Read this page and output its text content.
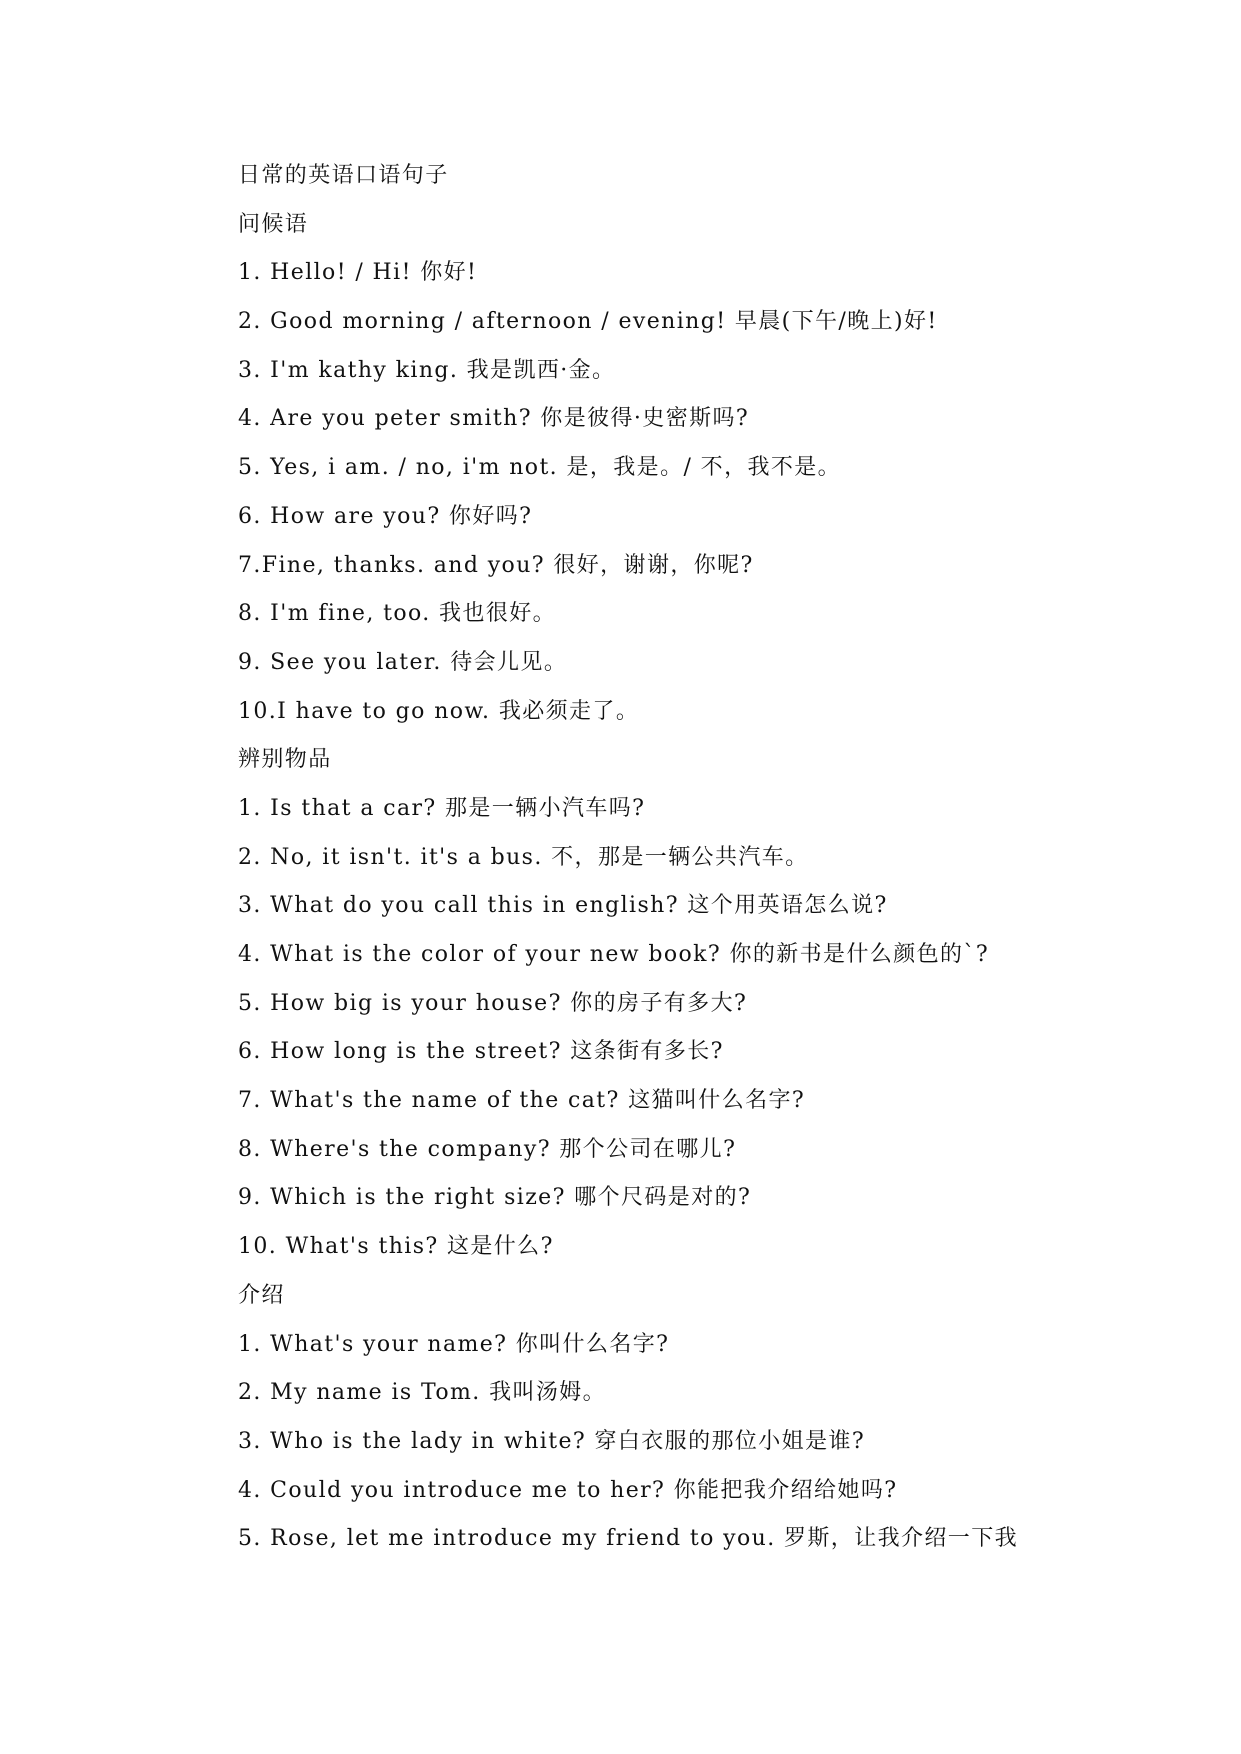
日常的英语口语句子
问候语
1. Hello! / Hi! 你好!
2. Good morning / afternoon / evening! 早晨(下午/晚上)好!
3. I'm kathy king. 我是凯西·金。
4. Are you peter smith? 你是彼得·史密斯吗?
5. Yes, i am. / no, i'm not. 是，我是。/ 不，我不是。
6. How are you? 你好吗?
7.Fine, thanks. and you? 很好，谢谢，你呢?
8. I'm fine, too. 我也很好。
9. See you later. 待会儿见。
10.I have to go now. 我必须走了。
辨别物品
1. Is that a car? 那是一辆小汽车吗?
2. No, it isn't. it's a bus. 不，那是一辆公共汽车。
3. What do you call this in english? 这个用英语怎么说?
4. What is the color of your new book? 你的新书是什么颜色的`?
5. How big is your house? 你的房子有多大?
6. How long is the street? 这条街有多长?
7. What's the name of the cat? 这猫叫什么名字?
8. Where's the company? 那个公司在哪儿?
9. Which is the right size? 哪个尺码是对的?
10. What's this? 这是什么?
介绍
1. What's your name? 你叫什么名字?
2. My name is Tom. 我叫汤姆。
3. Who is the lady in white? 穿白衣服的那位小姐是谁?
4. Could you introduce me to her? 你能把我介绍给她吗?
5. Rose, let me introduce my friend to you. 罗斯，让我介绍一下我
